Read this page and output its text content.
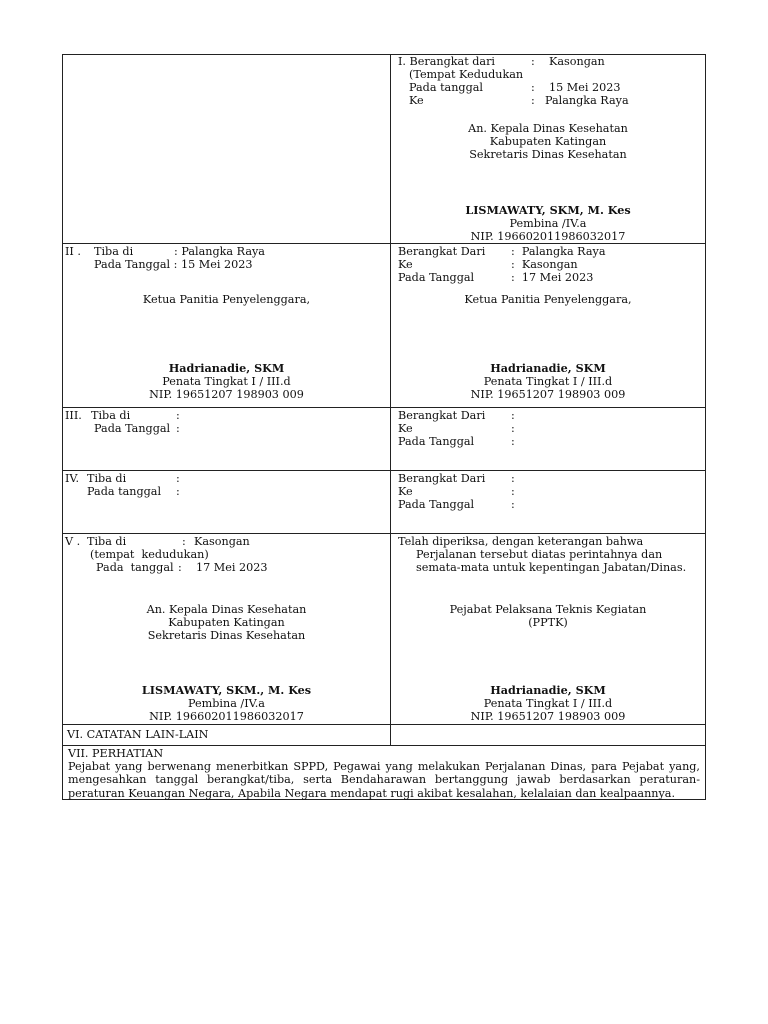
I. Berangkat dari	: Kasongan
(Tempat Kedudukan
Pada tanggal	: 15 Mei 2023
Ke	: Palangka Raya
An. Kepala Dinas Kesehatan
Kabupaten Katingan
Sekretaris Dinas Kesehatan
LISMAWATY, SKM, M. Kes
Pembina /IV.a
NIP. 196602011986032017
II . Tiba di	: Palangka Raya
Pada Tanggal : 15 Mei 2023
Ketua Panitia Penyelenggara,
Hadrianadie, SKM
Penata Tingkat I / III.d
NIP. 19651207 198903 009
Berangkat Dari :  Palangka Raya
Ke	:  Kasongan
Pada Tanggal	:  17 Mei 2023
Ketua Panitia Penyelenggara,
Hadrianadie, SKM
Penata Tingkat I / III.d
NIP. 19651207 198903 009
III. Tiba di	:
Pada Tanggal :
Berangkat Dari :
Ke	:
Pada Tanggal	:
IV. Tiba di	:
Pada tanggal :
Berangkat Dari :
Ke	:
Pada Tanggal	:
V . Tiba di	: Kasongan
(tempat  kedudukan)
Pada  tanggal : 17 Mei 2023
An. Kepala Dinas Kesehatan
Kabupaten Katingan
Sekretaris Dinas Kesehatan
LISMAWATY, SKM., M. Kes
Pembina /IV.a
NIP. 196602011986032017
Telah diperiksa, dengan keterangan bahwa
Perjalanan tersebut diatas perintahnya dan
semata-mata untuk kepentingan Jabatan/Dinas.
Pejabat Pelaksana Teknis Kegiatan
(PPTK)
Hadrianadie, SKM
Penata Tingkat I / III.d
NIP. 19651207 198903 009
VI. CATATAN LAIN-LAIN
VII. PERHATIAN
Pejabat yang berwenang menerbitkan SPPD, Pegawai yang melakukan Perjalanan Dinas, para Pejabat yang, mengesahkan tanggal berangkat/tiba, serta Bendaharawan bertanggung jawab berdasarkan peraturan-peraturan Keuangan Negara, Apabila Negara mendapat rugi akibat kesalahan, kelalaian dan kealpaannya.
